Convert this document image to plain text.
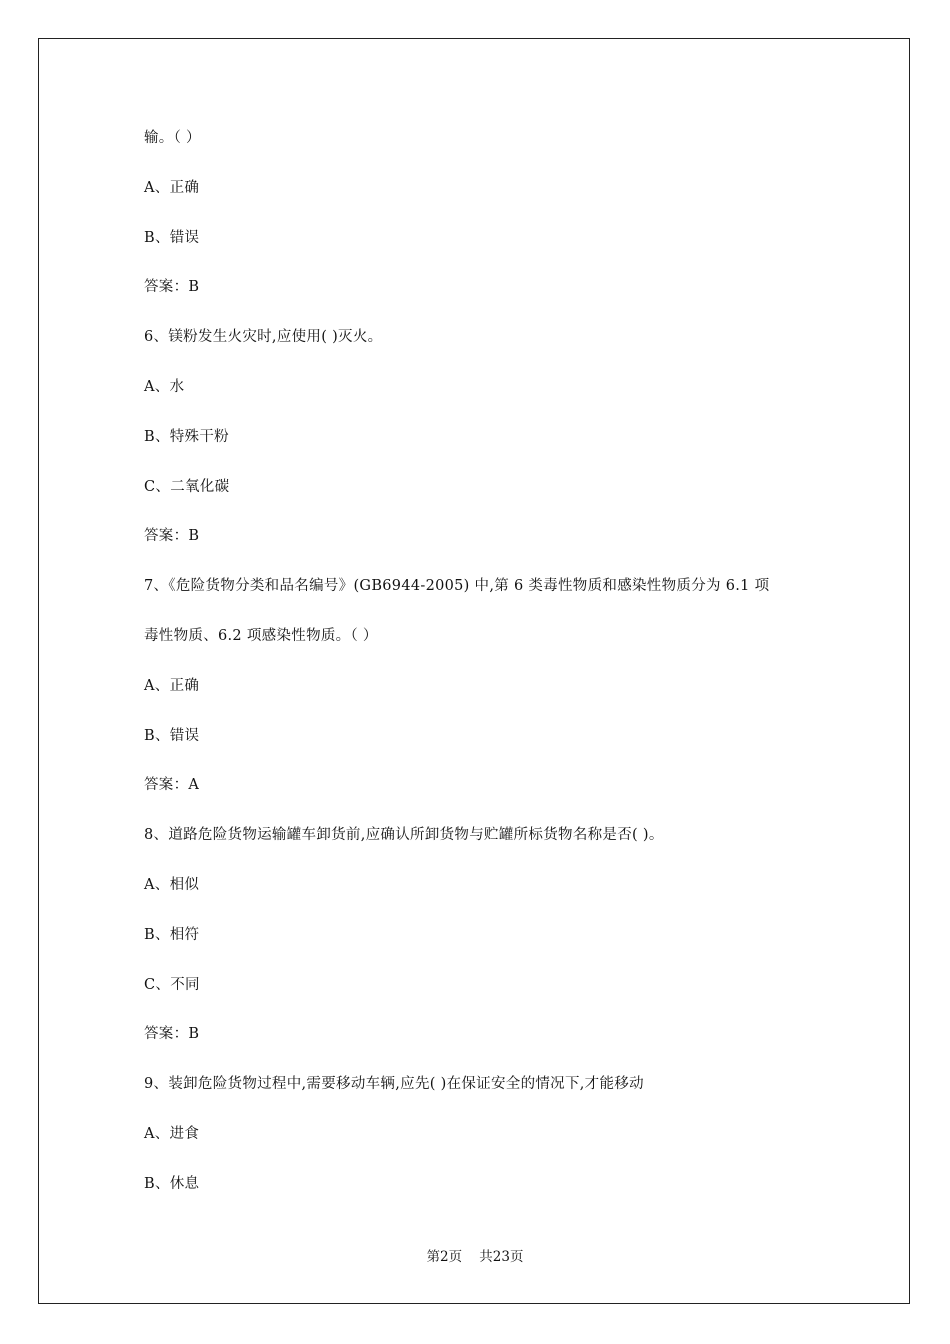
输。（ ）
A、正确
B、错误
答案：B
6、镁粉发生火灾时,应使用( )灭火。
A、水
B、特殊干粉
C、二氧化碳
答案：B
7、《危险货物分类和品名编号》(GB6944-2005) 中,第 6 类毒性物质和感染性物质分为 6.1 项
毒性物质、6.2 项感染性物质。（ ）
A、正确
B、错误
答案：A
8、道路危险货物运输罐车卸货前,应确认所卸货物与贮罐所标货物名称是否( )。
A、相似
B、相符
C、不同
答案：B
9、装卸危险货物过程中,需要移动车辆,应先( )在保证安全的情况下,才能移动
A、进食
B、休息
第2页    共23页
